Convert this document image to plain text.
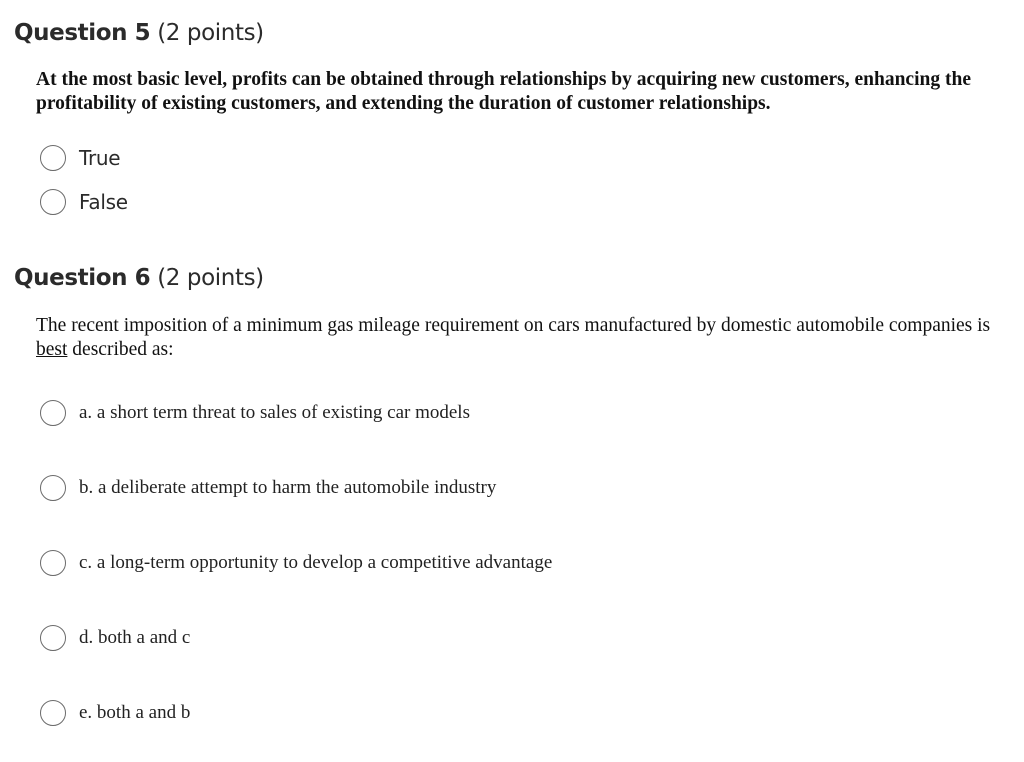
Question 5 (2 points)

At the most basic level, profits can be obtained through relationships by acquiring new customers, enhancing the profitability of existing customers, and extending the duration of customer relationships.

True
False
Question 6 (2 points)

The recent imposition of a minimum gas mileage requirement on cars manufactured by domestic automobile companies is best described as:

a. a short term threat to sales of existing car models
b. a deliberate attempt to harm the automobile industry
c. a long-term opportunity to develop a competitive advantage
d. both a and c
e. both a and b
